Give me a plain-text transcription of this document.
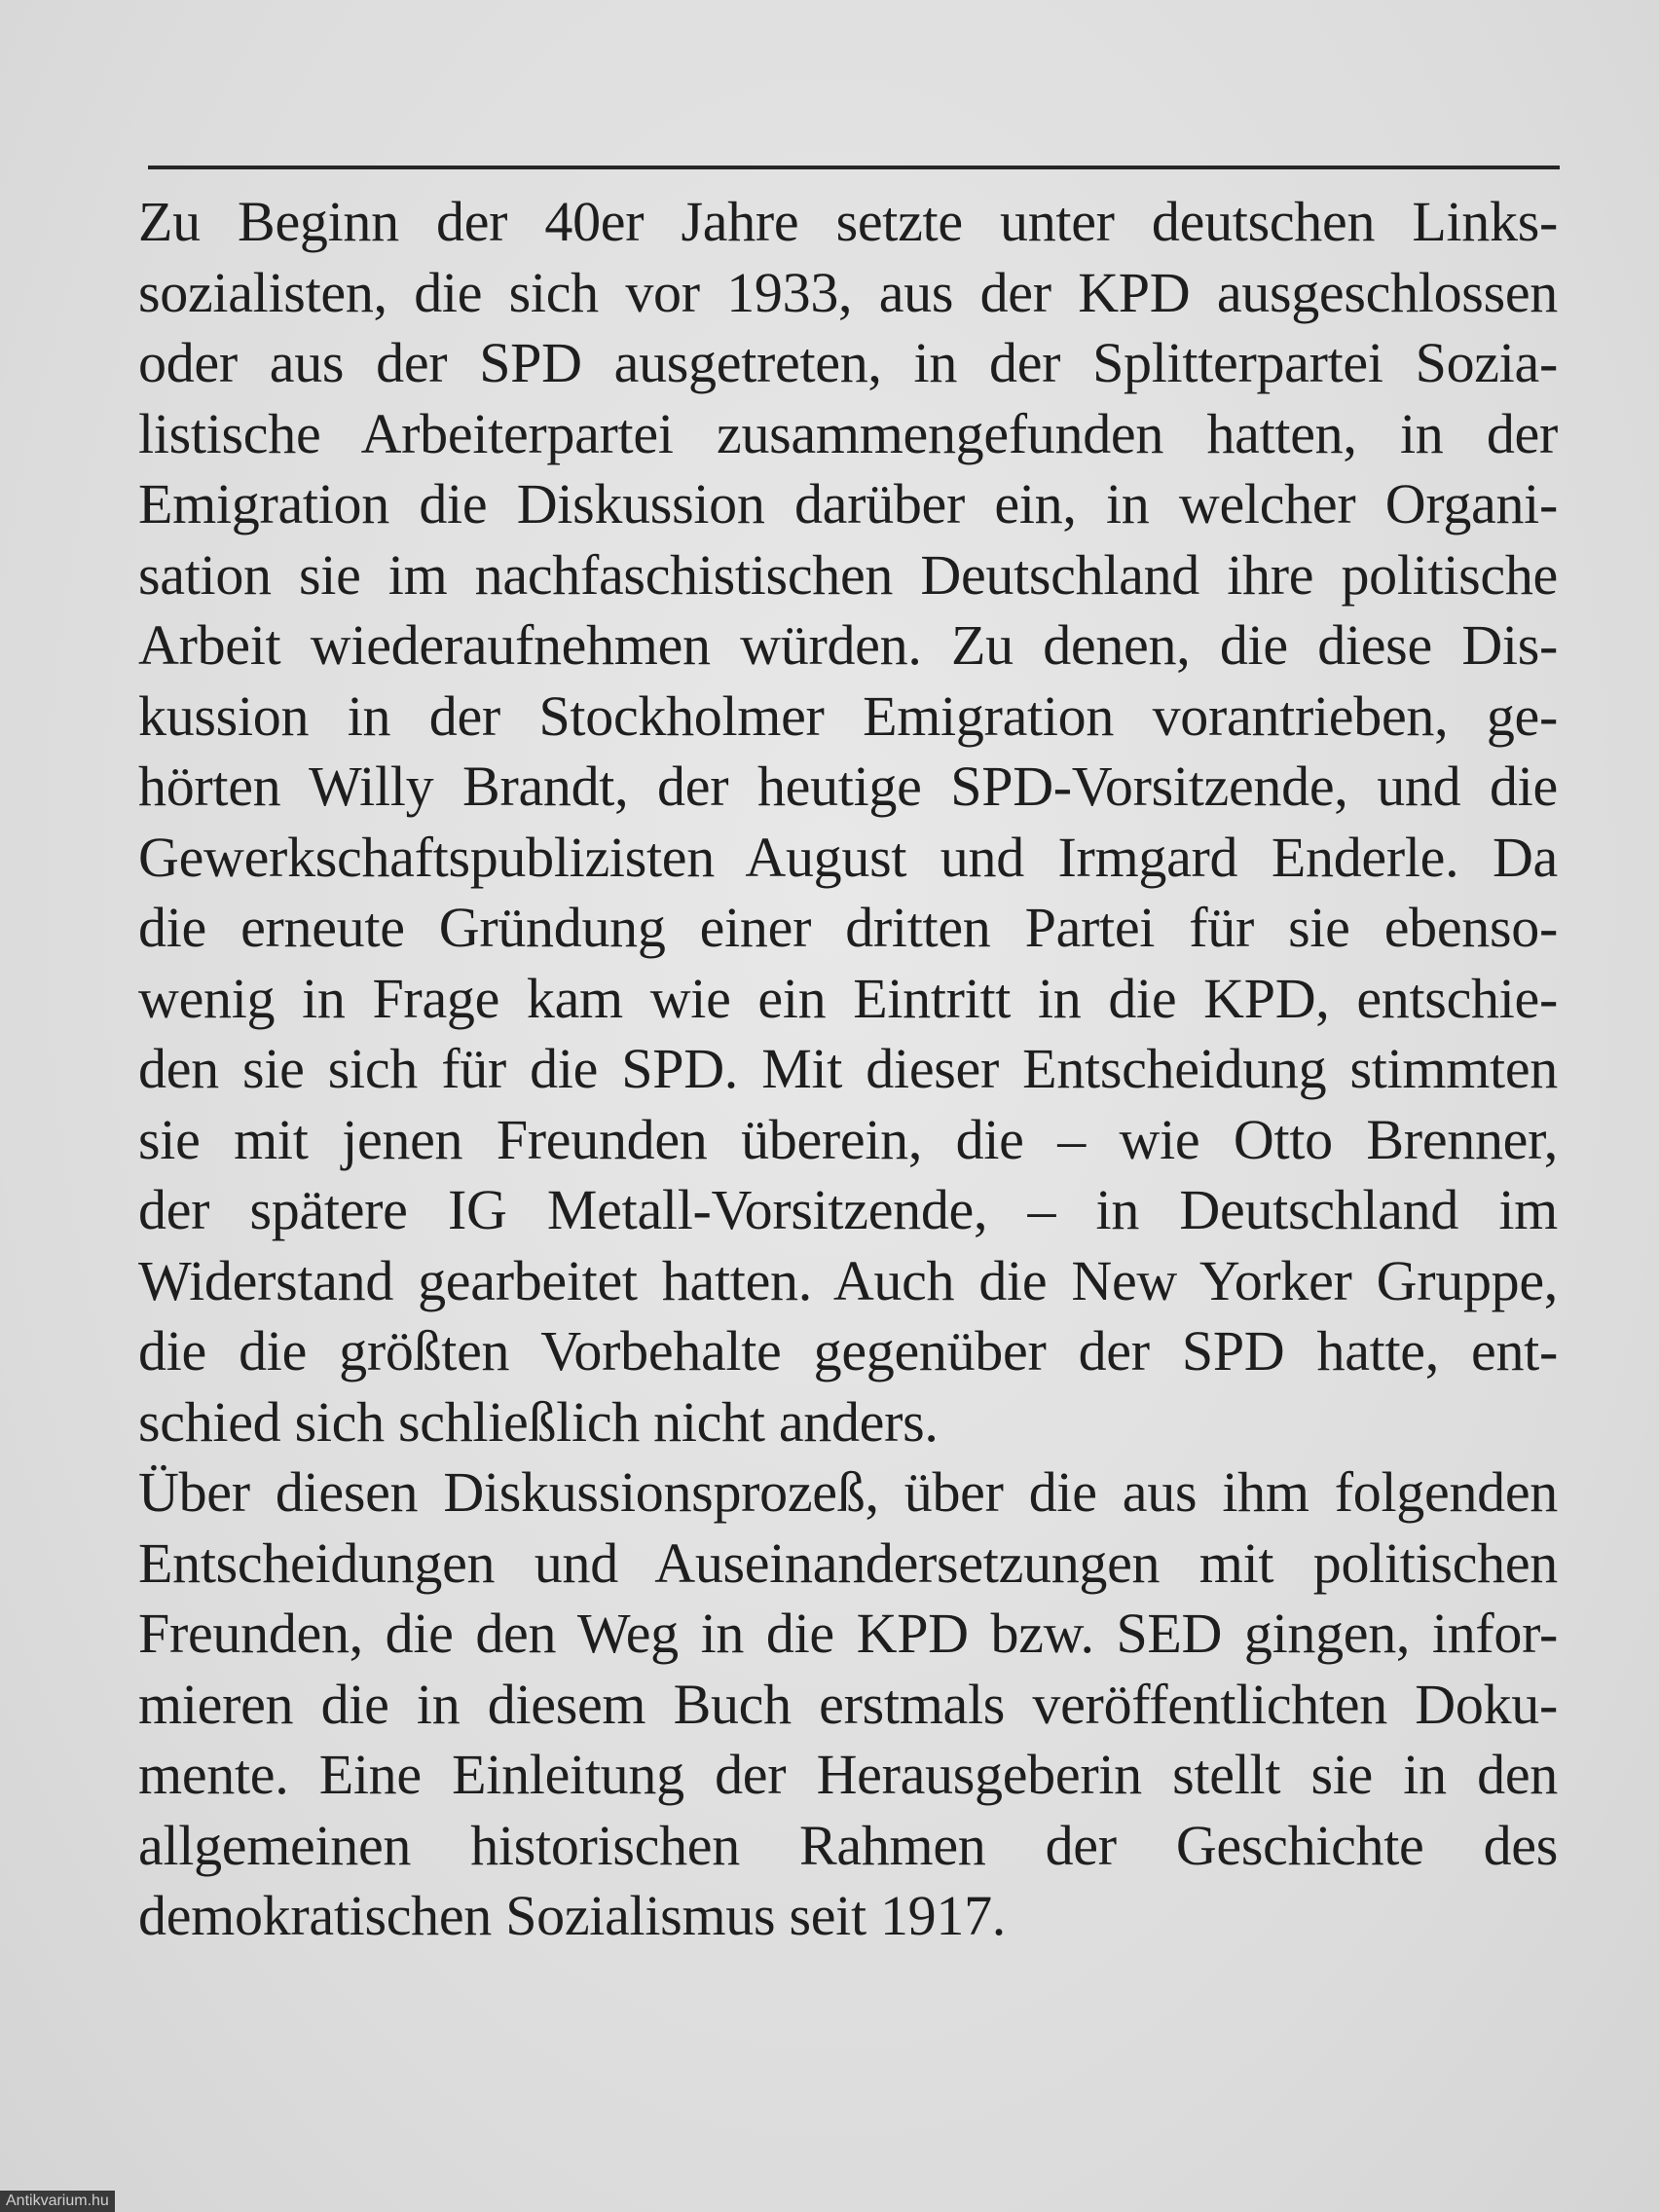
Zu Beginn der 40er Jahre setzte unter deutschen Links-
sozialisten, die sich vor 1933, aus der KPD ausgeschlossen
oder aus der SPD ausgetreten, in der Splitterpartei Sozia-
listische Arbeiterpartei zusammengefunden hatten, in der
Emigration die Diskussion darüber ein, in welcher Organi-
sation sie im nachfaschistischen Deutschland ihre politische
Arbeit wiederaufnehmen würden. Zu denen, die diese Dis-
kussion in der Stockholmer Emigration vorantrieben, ge-
hörten Willy Brandt, der heutige SPD-Vorsitzende, und die
Gewerkschaftspublizisten August und Irmgard Enderle. Da
die erneute Gründung einer dritten Partei für sie ebenso-
wenig in Frage kam wie ein Eintritt in die KPD, entschie-
den sie sich für die SPD. Mit dieser Entscheidung stimmten
sie mit jenen Freunden überein, die – wie Otto Brenner,
der spätere IG Metall-Vorsitzende, – in Deutschland im
Widerstand gearbeitet hatten. Auch die New Yorker Gruppe,
die die größten Vorbehalte gegenüber der SPD hatte, ent-
schied sich schließlich nicht anders.
Über diesen Diskussionsprozeß, über die aus ihm folgenden
Entscheidungen und Auseinandersetzungen mit politischen
Freunden, die den Weg in die KPD bzw. SED gingen, infor-
mieren die in diesem Buch erstmals veröffentlichten Doku-
mente. Eine Einleitung der Herausgeberin stellt sie in den
allgemeinen historischen Rahmen der Geschichte des
demokratischen Sozialismus seit 1917.
Antikvarium.hu
